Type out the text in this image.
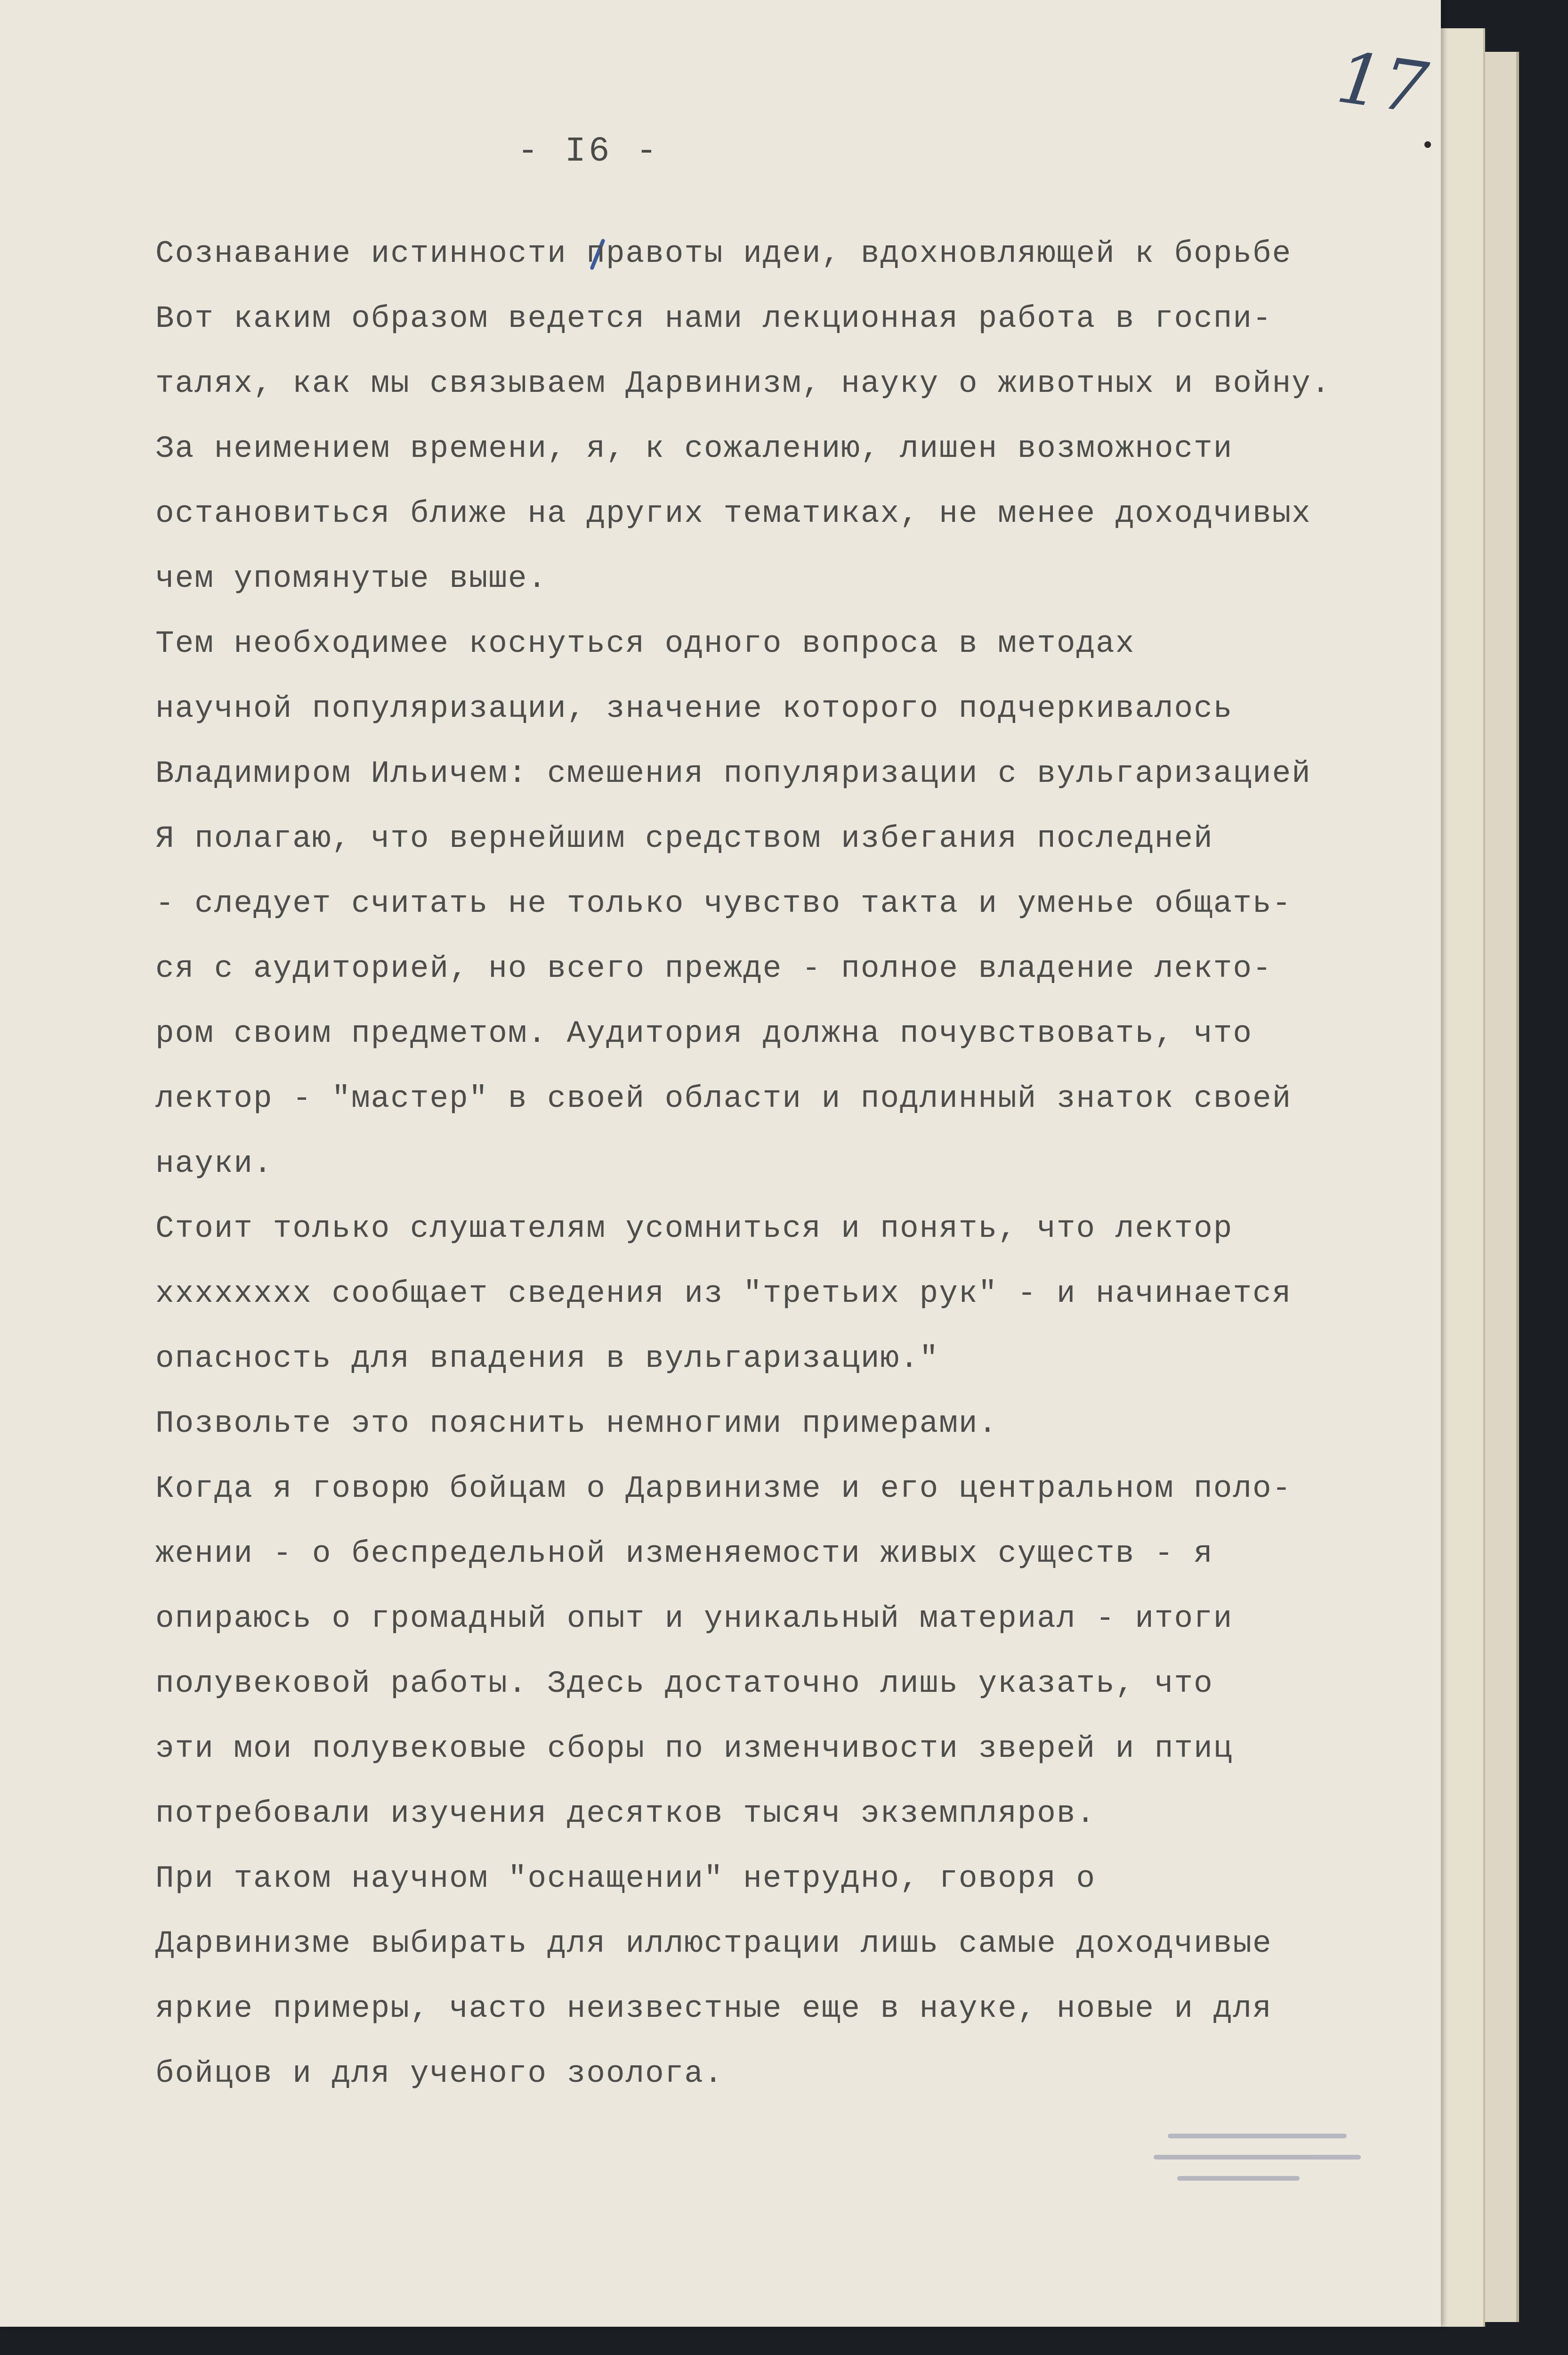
17
- I6 -
Сознавание истинности правоты идеи, вдохновляющей к борьбе
Вот каким образом ведется нами лекционная работа в госпи-
талях, как мы связываем Дарвинизм, науку о животных и войну.
За неимением времени, я, к сожалению, лишен возможности
остановиться ближе на других тематиках, не менее доходчивых
чем упомянутые выше.
Тем необходимее коснуться одного вопроса в методах
научной популяризации, значение которого подчеркивалось
Владимиром Ильичем: смешения популяризации с вульгаризацией
Я полагаю, что вернейшим средством избегания последней
- следует считать не только чувство такта и уменье общать-
ся с аудиторией, но всего прежде - полное владение лекто-
ром своим предметом. Аудитория должна почувствовать, что
лектор - "мастер" в своей области и подлинный знаток своей
науки.
Стоит только слушателям усомниться и понять, что лектор
xxxxxxxx сообщает сведения из "третьих рук" - и начинается
опасность для впадения в вульгаризацию."
Позвольте это пояснить немногими примерами.
Когда я говорю бойцам о Дарвинизме и его центральном поло-
жении - о беспредельной изменяемости живых существ - я
опираюсь о громадный опыт и уникальный материал - итоги
полувековой работы. Здесь достаточно лишь указать, что
эти мои полувековые сборы по изменчивости зверей и птиц
потребовали изучения десятков тысяч экземпляров.
При таком научном "оснащении" нетрудно, говоря о
Дарвинизме выбирать для иллюстрации лишь самые доходчивые
яркие примеры, часто неизвестные еще в науке, новые и для
бойцов и для ученого зоолога.
